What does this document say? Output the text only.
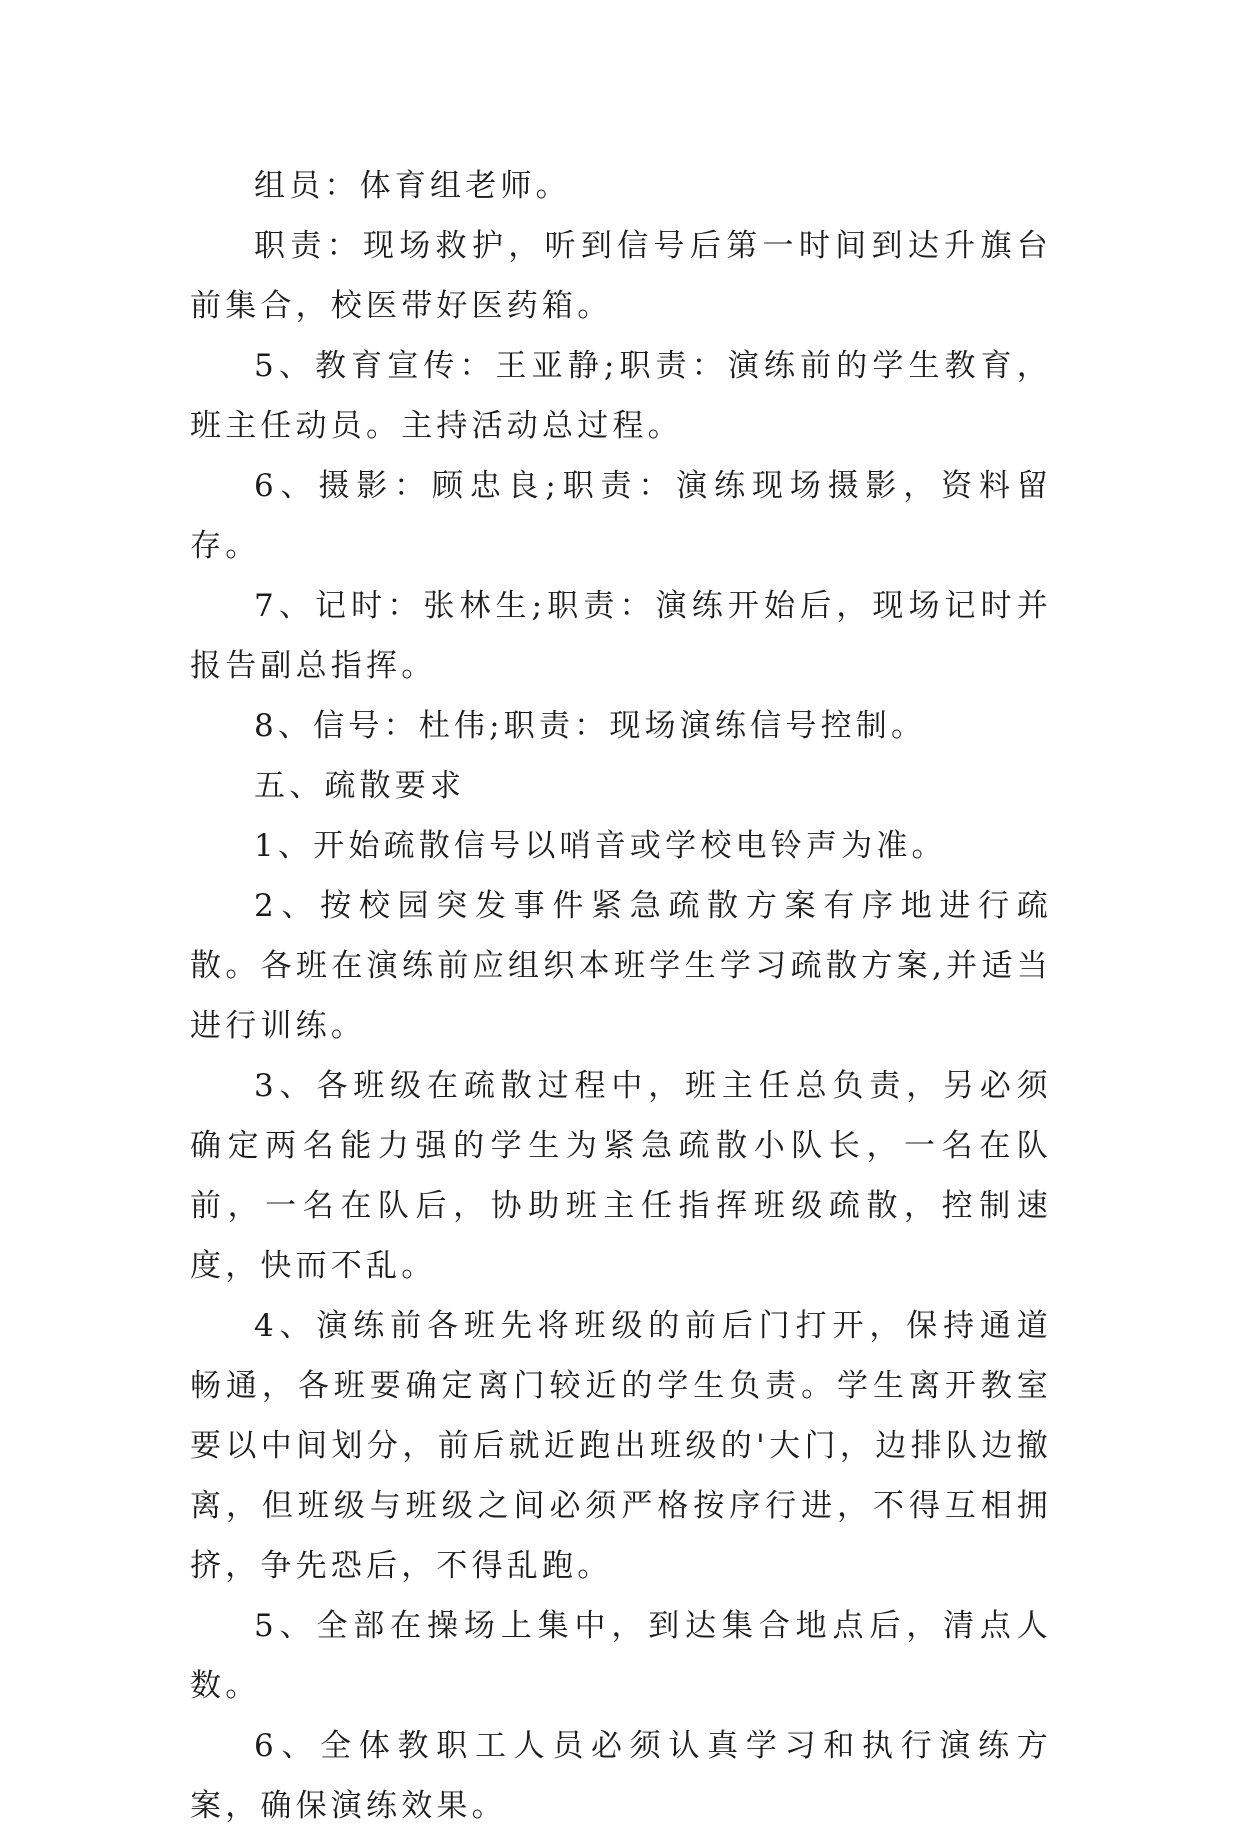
组员：体育组老师。

职责：现场救护，听到信号后第一时间到达升旗台前集合，校医带好医药箱。

5、教育宣传：王亚静;职责：演练前的学生教育，班主任动员。主持活动总过程。

6、摄影：顾忠良;职责：演练现场摄影，资料留存。

7、记时：张林生;职责：演练开始后，现场记时并报告副总指挥。

8、信号：杜伟;职责：现场演练信号控制。

五、疏散要求

1、开始疏散信号以哨音或学校电铃声为准。

2、按校园突发事件紧急疏散方案有序地进行疏散。各班在演练前应组织本班学生学习疏散方案,并适当进行训练。

3、各班级在疏散过程中，班主任总负责，另必须确定两名能力强的学生为紧急疏散小队长，一名在队前，一名在队后，协助班主任指挥班级疏散，控制速度，快而不乱。

4、演练前各班先将班级的前后门打开，保持通道畅通，各班要确定离门较近的学生负责。学生离开教室要以中间划分，前后就近跑出班级的'大门，边排队边撤离，但班级与班级之间必须严格按序行进，不得互相拥挤，争先恐后，不得乱跑。

5、全部在操场上集中，到达集合地点后，清点人数。

6、全体教职工人员必须认真学习和执行演练方案，确保演练效果。
